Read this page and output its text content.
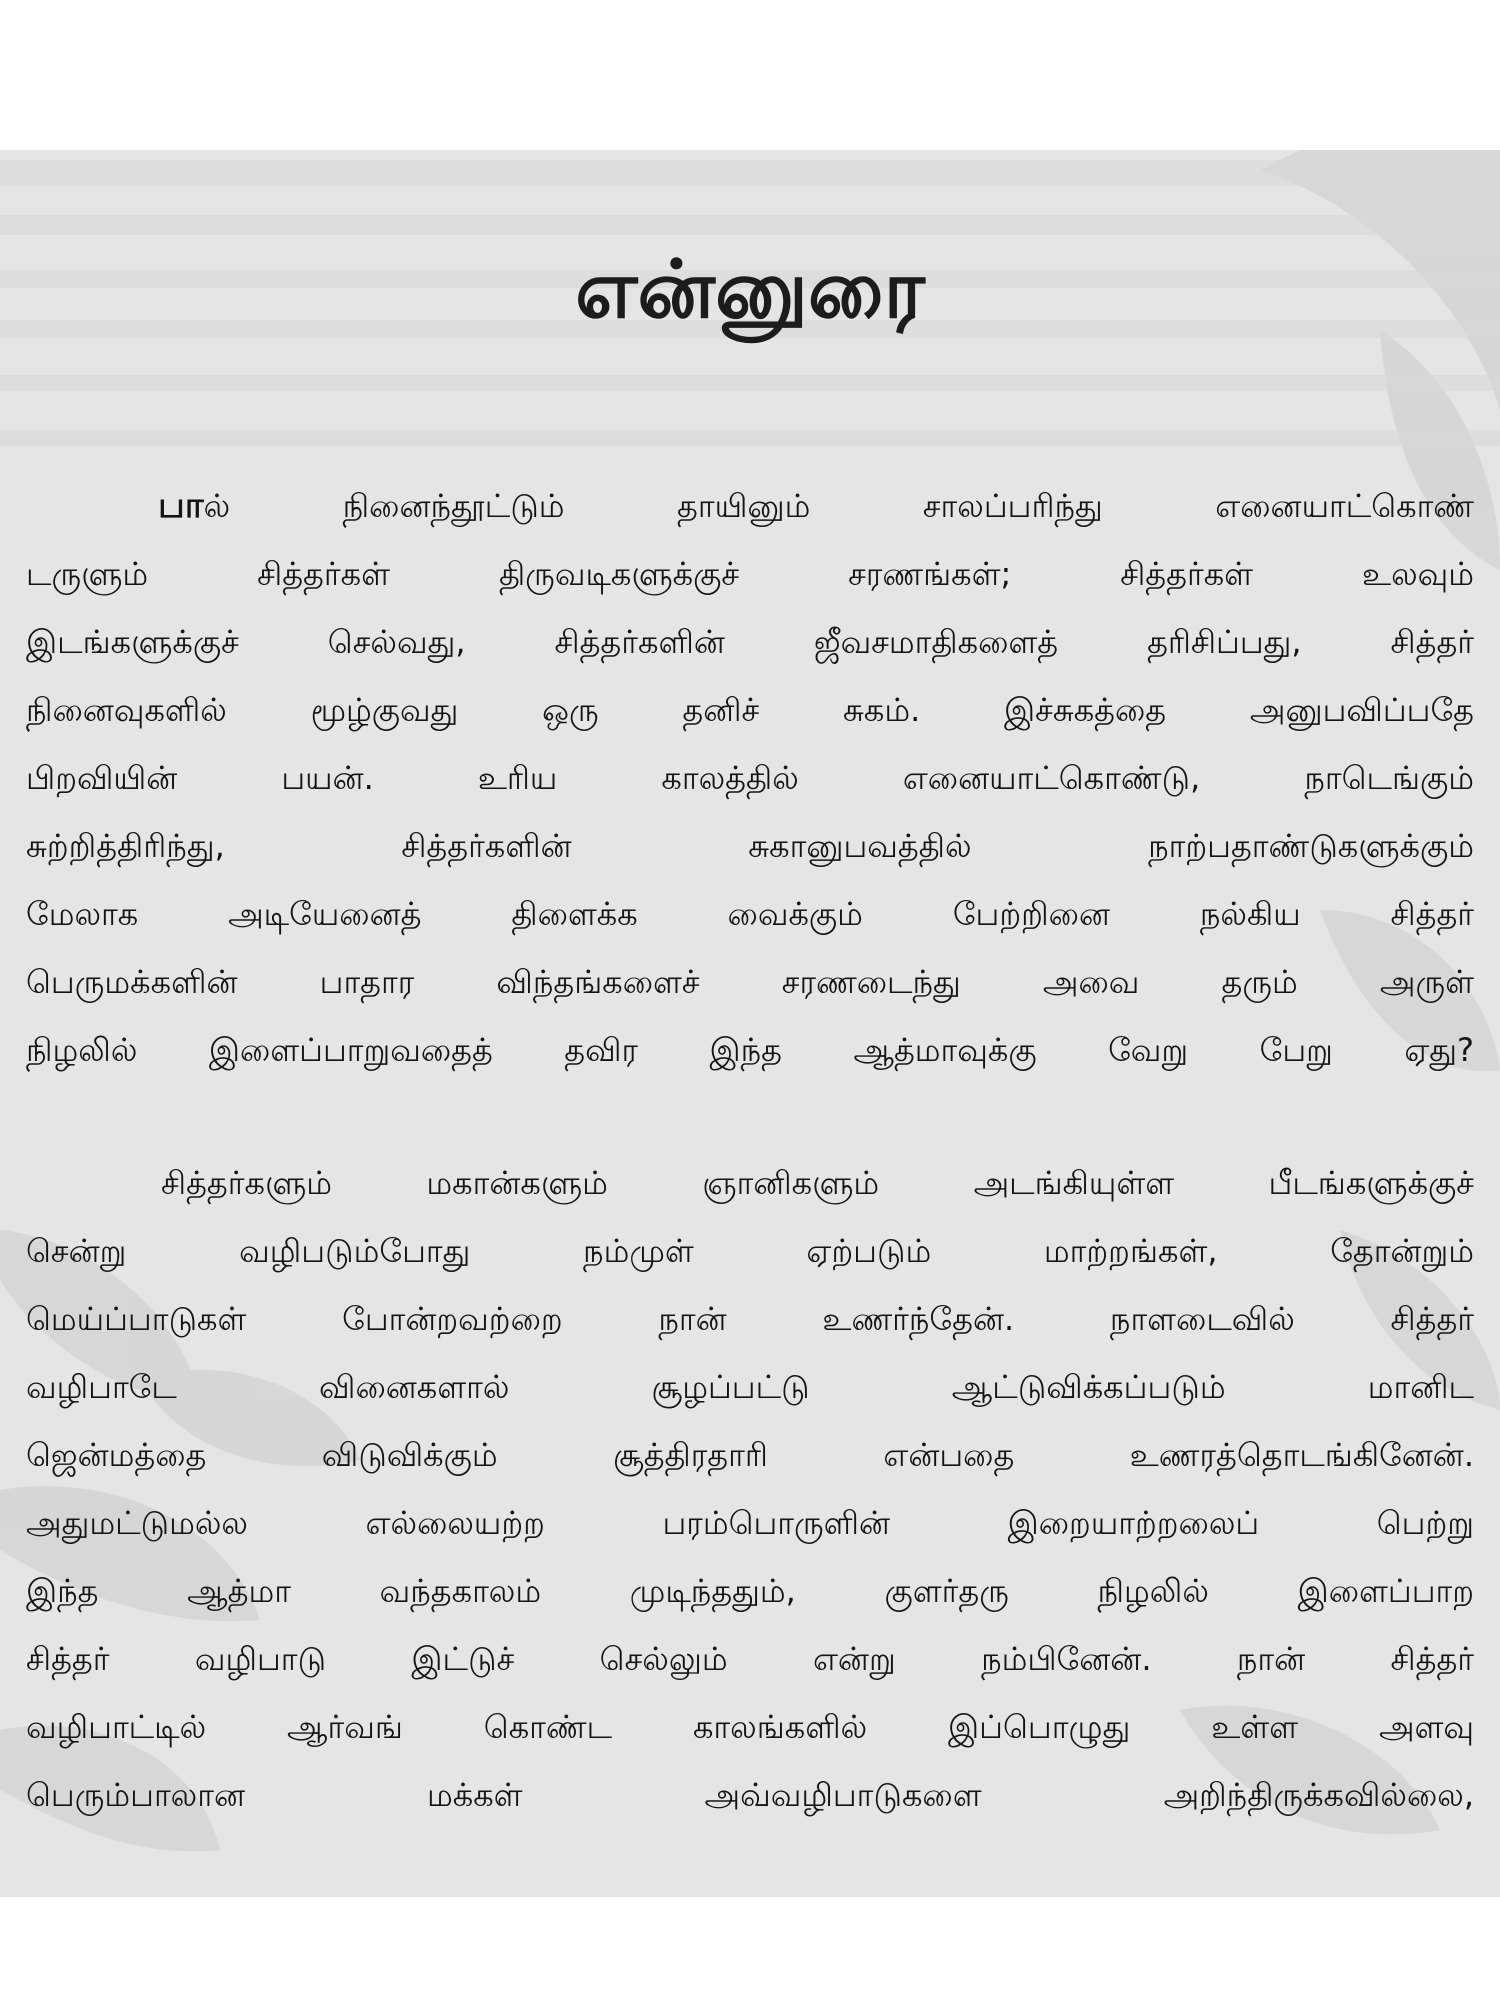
என்னுரை
பால் நினைந்தூட்டும் தாயினும் சாலப்பரிந்து எனையாட்கொண்
டருளும் சித்தர்கள் திருவடிகளுக்குச் சரணங்கள்; சித்தர்கள் உலவும்
இடங்களுக்குச் செல்வது, சித்தர்களின் ஜீவசமாதிகளைத் தரிசிப்பது, சித்தர்
நினைவுகளில் மூழ்குவது ஒரு தனிச் சுகம். இச்சுகத்தை அனுபவிப்பதே
பிறவியின் பயன். உரிய காலத்தில் எனையாட்கொண்டு, நாடெங்கும்
சுற்றித்திரிந்து, சித்தர்களின் சுகானுபவத்தில் நாற்பதாண்டுகளுக்கும்
மேலாக அடியேனைத் திளைக்க வைக்கும் பேற்றினை நல்கிய சித்தர்
பெருமக்களின் பாதார விந்தங்களைச் சரணடைந்து அவை தரும் அருள்
நிழலில் இளைப்பாறுவதைத் தவிர இந்த ஆத்மாவுக்கு வேறு பேறு ஏது?
சித்தர்களும் மகான்களும் ஞானிகளும் அடங்கியுள்ள பீடங்களுக்குச்
சென்று வழிபடும்போது நம்முள் ஏற்படும் மாற்றங்கள், தோன்றும்
மெய்ப்பாடுகள் போன்றவற்றை நான் உணர்ந்தேன். நாளடைவில் சித்தர்
வழிபாடே வினைகளால் சூழப்பட்டு ஆட்டுவிக்கப்படும் மானிட
ஜென்மத்தை விடுவிக்கும் சூத்திரதாரி என்பதை உணரத்தொடங்கினேன்.
அதுமட்டுமல்ல எல்லையற்ற பரம்பொருளின் இறையாற்றலைப் பெற்று
இந்த ஆத்மா வந்தகாலம் முடிந்ததும், குளர்தரு நிழலில் இளைப்பாற
சித்தர் வழிபாடு இட்டுச் செல்லும் என்று நம்பினேன். நான் சித்தர்
வழிபாட்டில் ஆர்வங் கொண்ட காலங்களில் இப்பொழுது உள்ள அளவு
பெரும்பாலான மக்கள் அவ்வழிபாடுகளை அறிந்திருக்கவில்லை,
